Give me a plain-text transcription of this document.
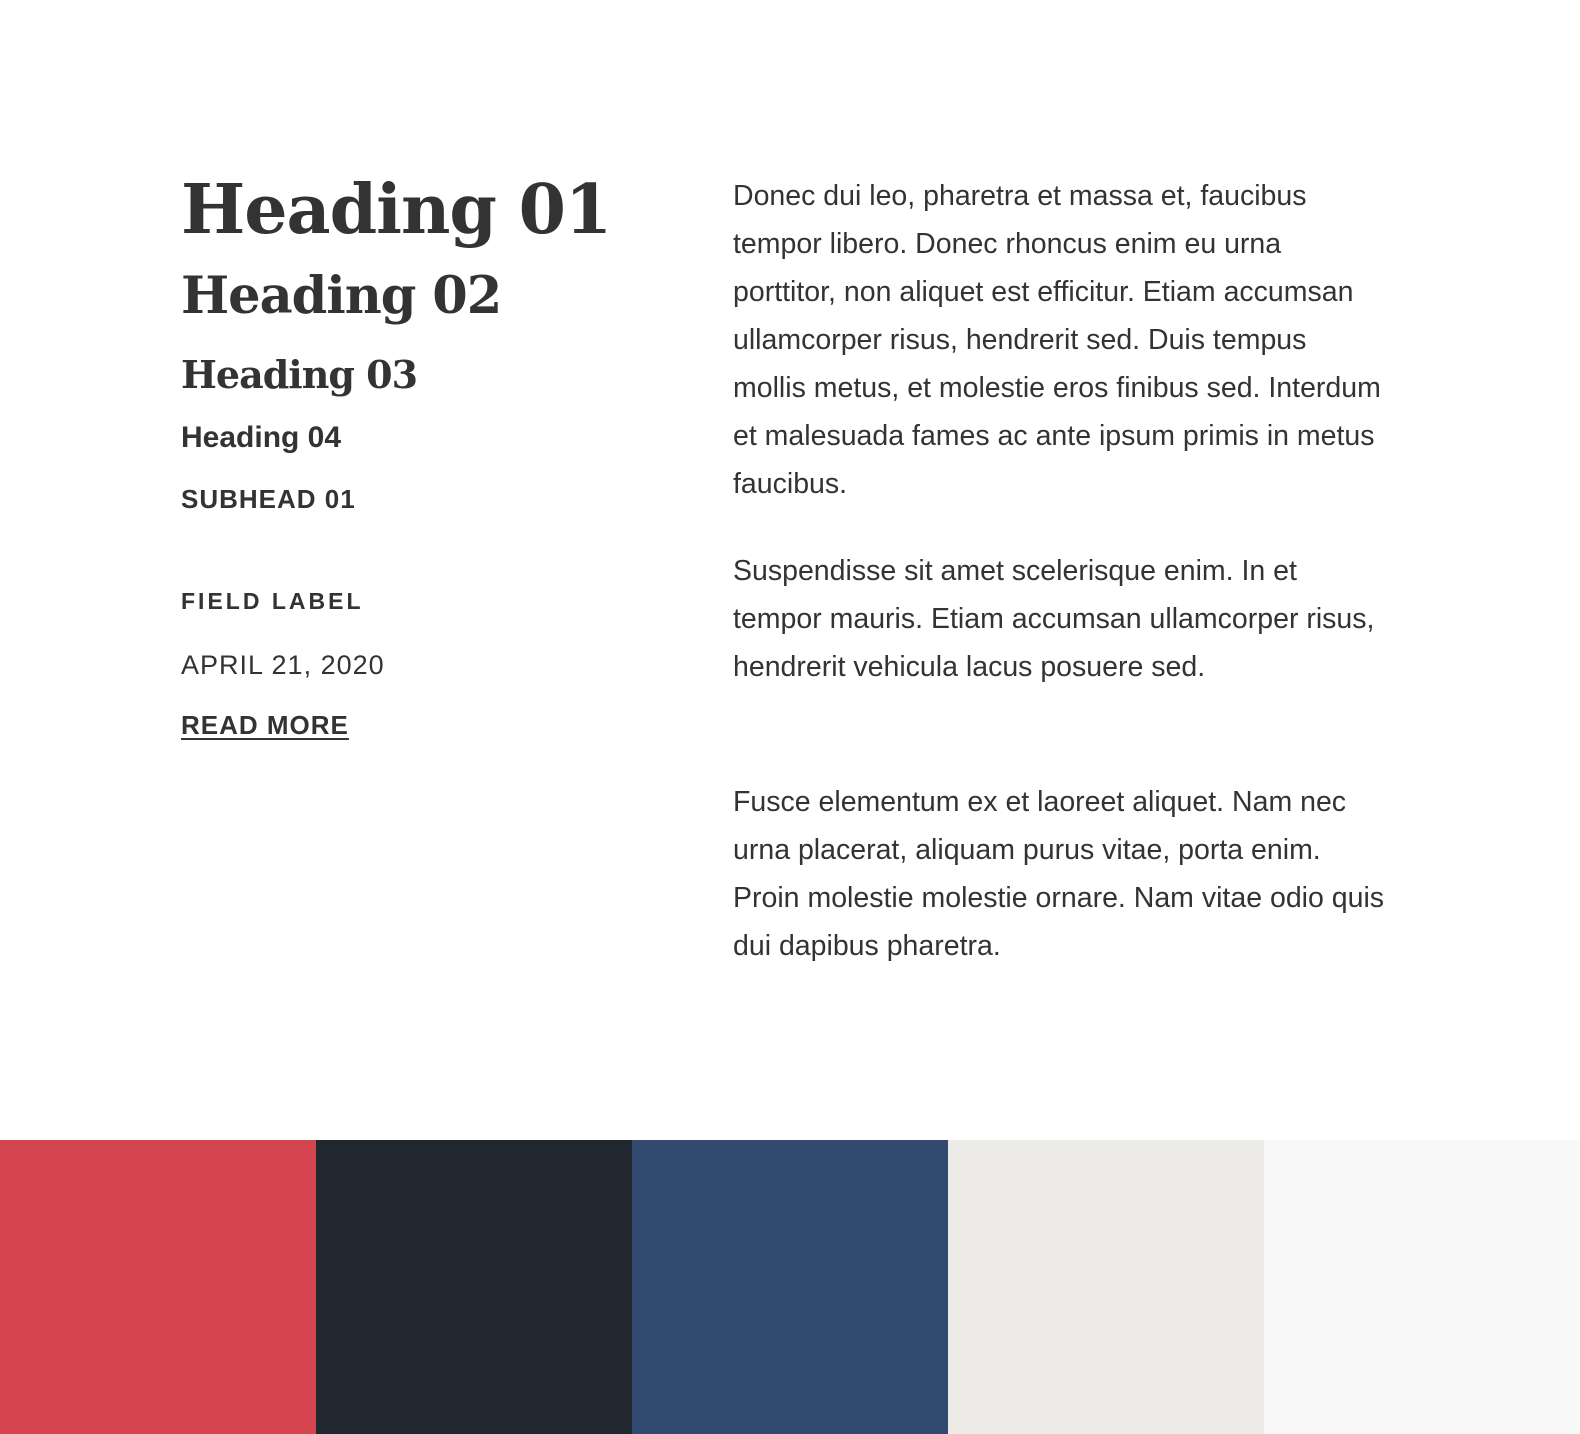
Heading 01
Heading 02
Heading 03
Heading 04
SUBHEAD 01
FIELD LABEL
APRIL 21, 2020
READ MORE

Donec dui leo, pharetra et massa et, faucibus tempor libero. Donec rhoncus enim eu urna porttitor, non aliquet est efficitur. Etiam accumsan ullamcorper risus, hendrerit sed. Duis tempus mollis metus, et molestie eros finibus sed. Interdum et malesuada fames ac ante ipsum primis in metus faucibus.

Suspendisse sit amet scelerisque enim. In et tempor mauris. Etiam accumsan ullamcorper risus, hendrerit vehicula lacus posuere sed.

Fusce elementum ex et laoreet aliquet. Nam nec urna placerat, aliquam purus vitae, porta enim. Proin molestie molestie ornare. Nam vitae odio quis dui dapibus pharetra.
